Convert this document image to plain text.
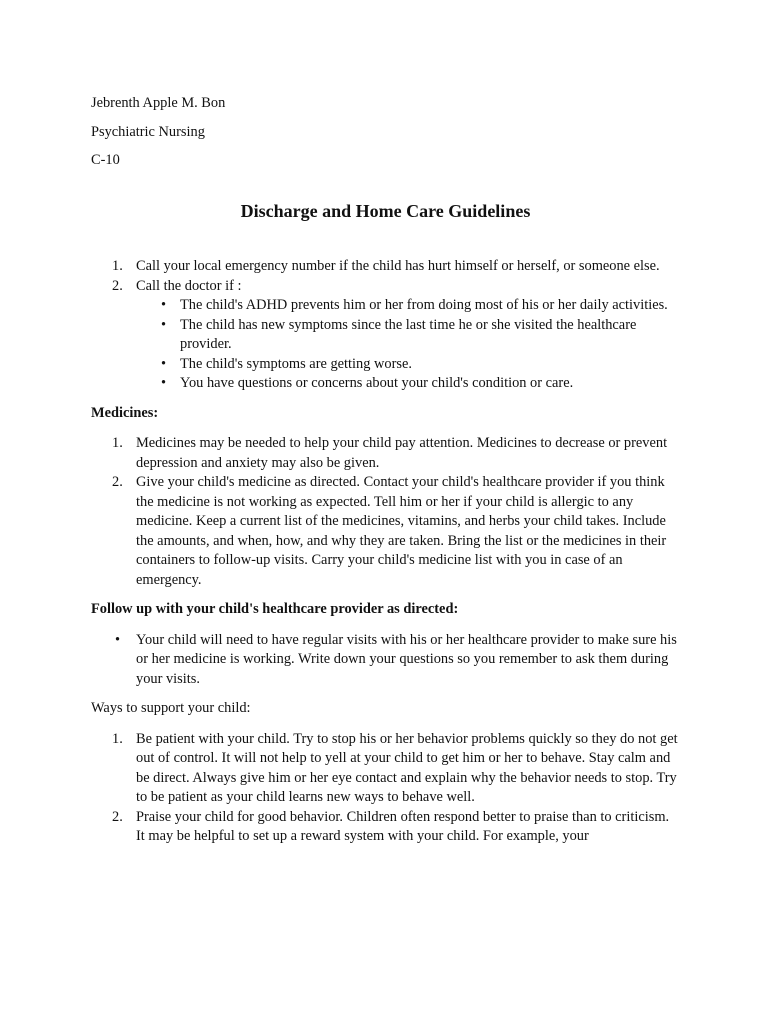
Jebrenth Apple M. Bon
Psychiatric Nursing
C-10
Discharge and Home Care Guidelines
1. Call your local emergency number if the child has hurt himself or herself, or someone else.
2. Call the doctor if :
• The child's ADHD prevents him or her from doing most of his or her daily activities.
• The child has new symptoms since the last time he or she visited the healthcare provider.
• The child's symptoms are getting worse.
• You have questions or concerns about your child's condition or care.
Medicines:
1. Medicines may be needed to help your child pay attention. Medicines to decrease or prevent depression and anxiety may also be given.
2. Give your child's medicine as directed. Contact your child's healthcare provider if you think the medicine is not working as expected. Tell him or her if your child is allergic to any medicine. Keep a current list of the medicines, vitamins, and herbs your child takes. Include the amounts, and when, how, and why they are taken. Bring the list or the medicines in their containers to follow-up visits. Carry your child's medicine list with you in case of an emergency.
Follow up with your child's healthcare provider as directed:
• Your child will need to have regular visits with his or her healthcare provider to make sure his or her medicine is working. Write down your questions so you remember to ask them during your visits.
Ways to support your child:
1. Be patient with your child. Try to stop his or her behavior problems quickly so they do not get out of control. It will not help to yell at your child to get him or her to behave. Stay calm and be direct. Always give him or her eye contact and explain why the behavior needs to stop. Try to be patient as your child learns new ways to behave well.
2. Praise your child for good behavior. Children often respond better to praise than to criticism. It may be helpful to set up a reward system with your child. For example, your
